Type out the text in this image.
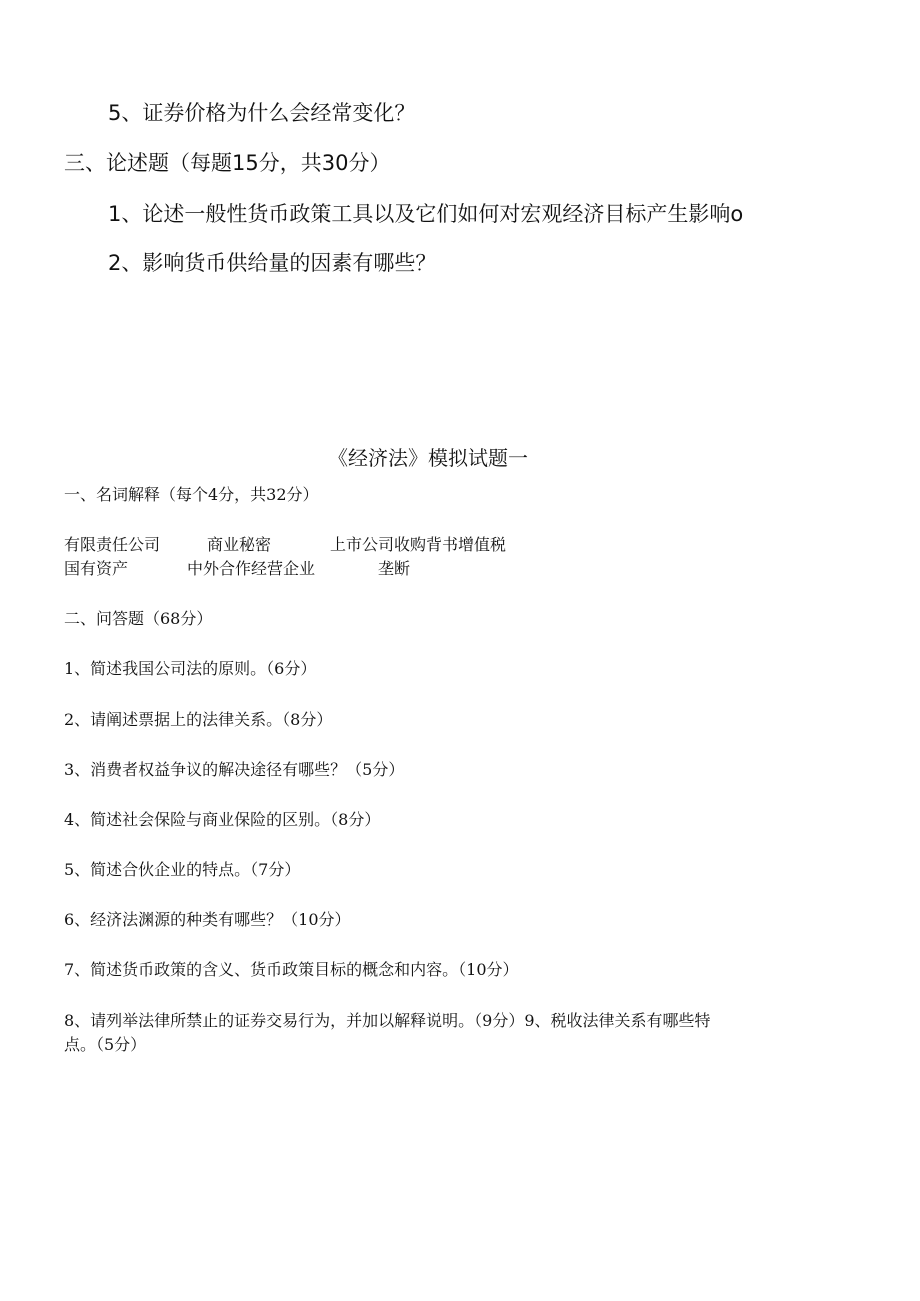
5、证券价格为什么会经常变化？
三、论述题（每题15分，共30分）
1、论述一般性货币政策工具以及它们如何对宏观经济目标产生影响o
2、影响货币供给量的因素有哪些？
《经济法》模拟试题一
一、名词解释（每个4分，共32分）
有限责任公司	商业秘密	上市公司收购背书增值税
国有资产	中外合作经营企业	垄断
二、问答题（68分）
1、简述我国公司法的原则。（6分）
2、请阐述票据上的法律关系。（8分）
3、消费者权益争议的解决途径有哪些？（5分）
4、简述社会保险与商业保险的区别。（8分）
5、简述合伙企业的特点。（7分）
6、经济法渊源的种类有哪些？（10分）
7、简述货币政策的含义、货币政策目标的概念和内容。（10分）
8、请列举法律所禁止的证券交易行为，并加以解释说明。（9分）9、税收法律关系有哪些特
点。（5分）
